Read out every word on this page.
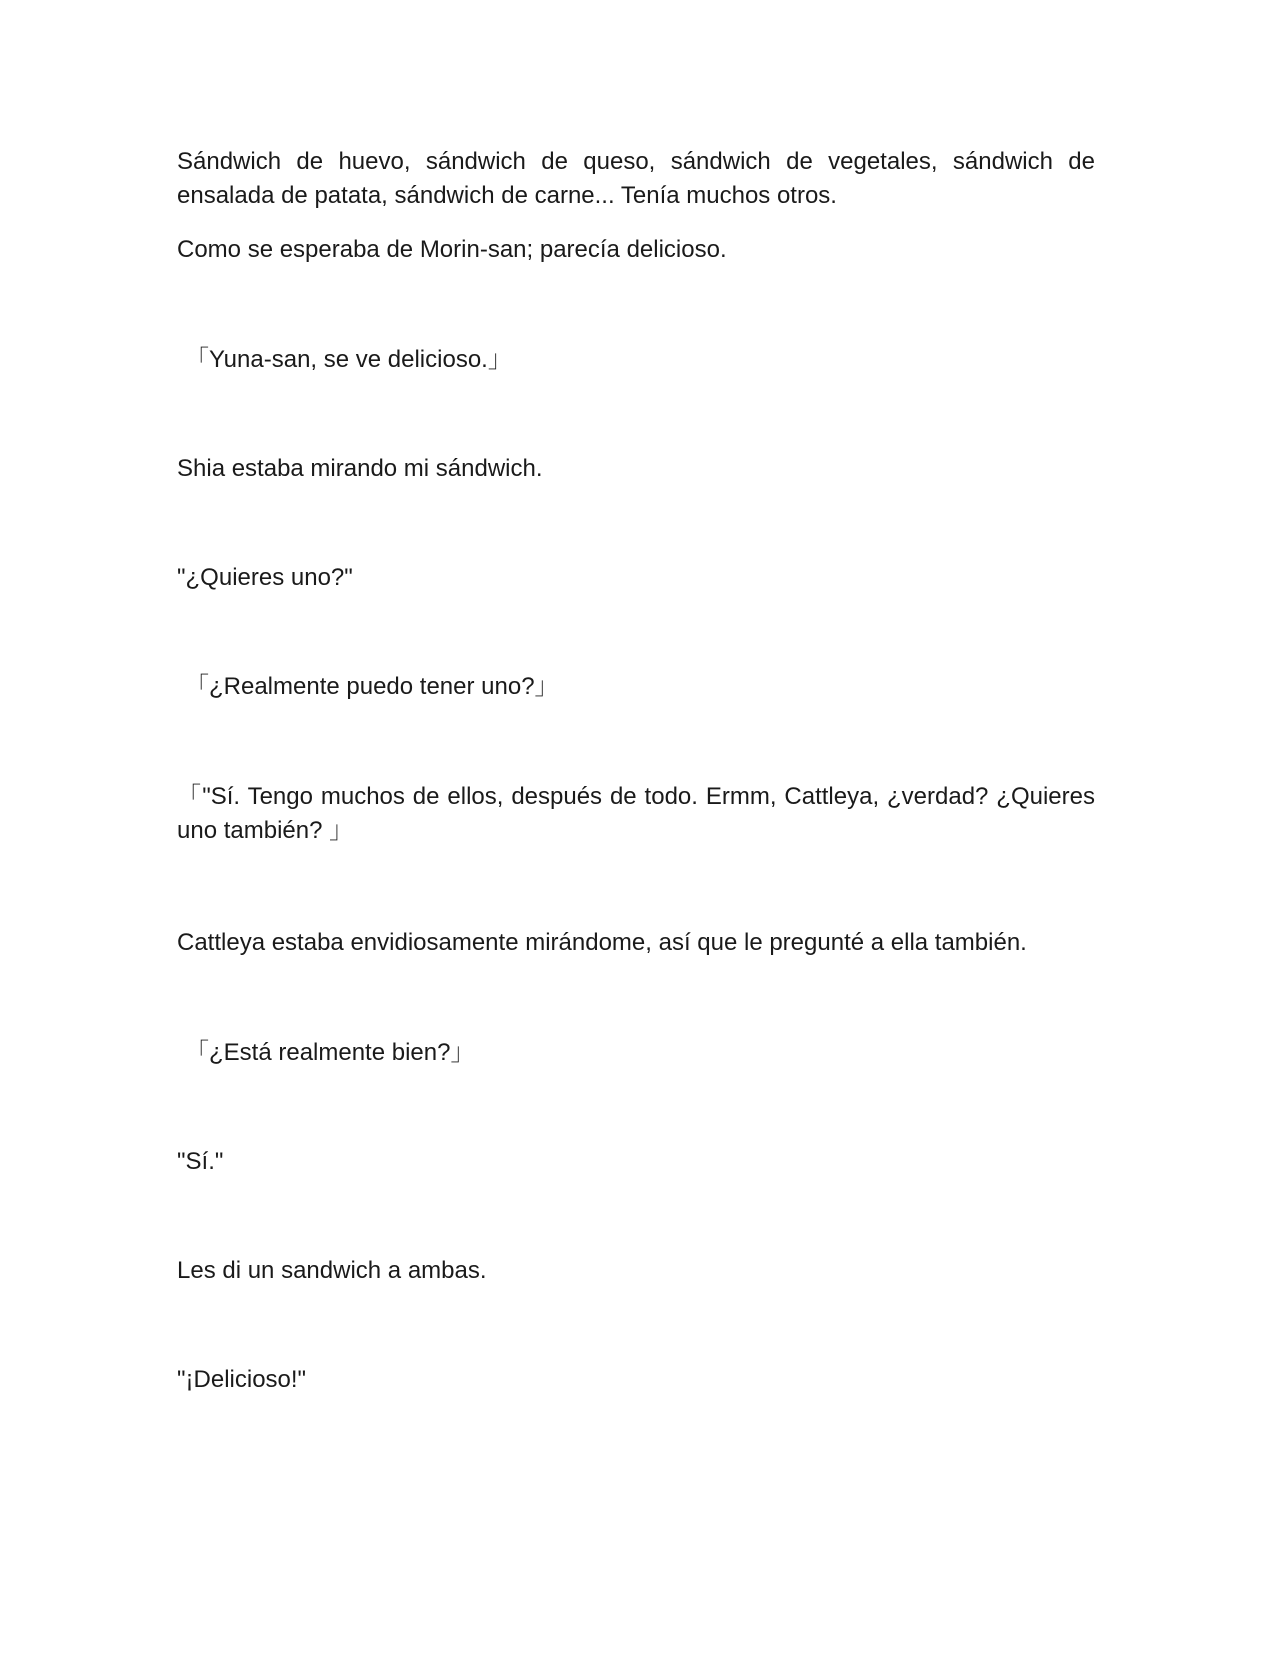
Sándwich de huevo, sándwich de queso, sándwich de vegetales, sándwich de ensalada de patata, sándwich de carne... Tenía muchos otros.

Como se esperaba de Morin-san; parecía delicioso.

「Yuna-san, se ve delicioso.」

Shia estaba mirando mi sándwich.

"¿Quieres uno?"

「¿Realmente puedo tener uno?」

「"Sí. Tengo muchos de ellos, después de todo. Ermm, Cattleya, ¿verdad? ¿Quieres uno también? 」

Cattleya estaba envidiosamente mirándome, así que le pregunté a ella también.

「¿Está realmente bien?」

"Sí."

Les di un sandwich a ambas.

"¡Delicioso!"
